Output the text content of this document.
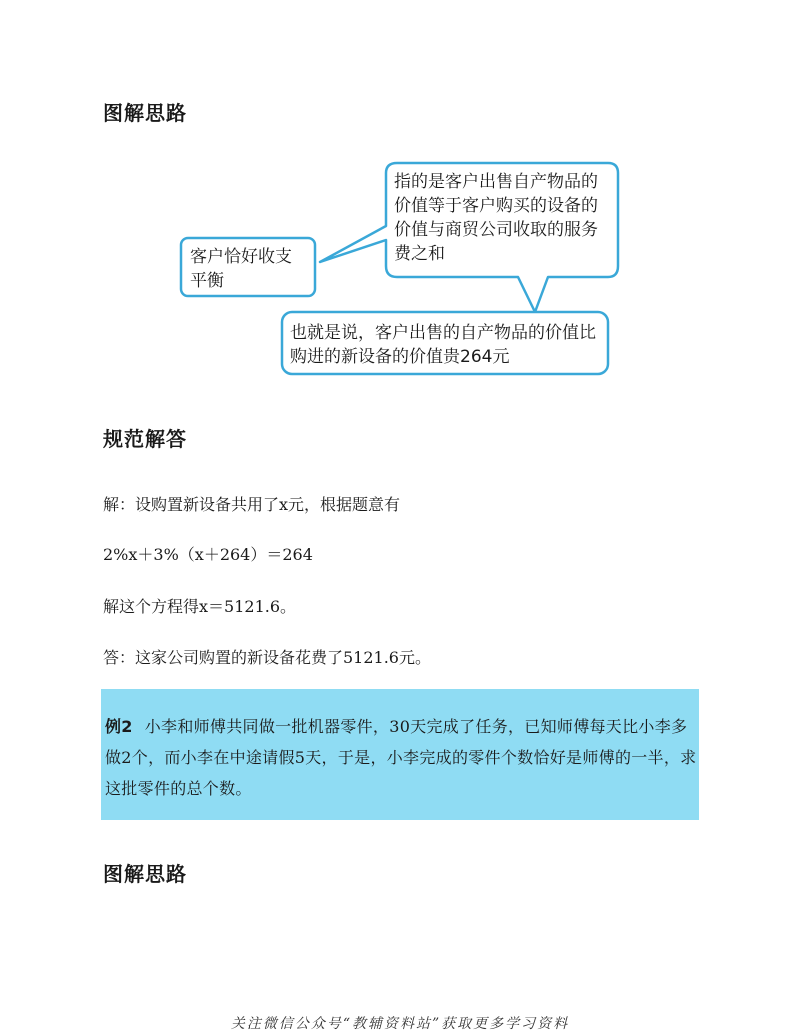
图解思路

指的是客户出售自产物品的价值等于客户购买的设备的价值与商贸公司收取的服务费之和

客户恰好收支平衡

也就是说，客户出售的自产物品的价值比购进的新设备的价值贵264元

规范解答

解：设购置新设备共用了x元，根据题意有

2%x＋3%（x＋264）＝264

解这个方程得x＝5121.6。

答：这家公司购置的新设备花费了5121.6元。

例2 小李和师傅共同做一批机器零件，30天完成了任务，已知师傅每天比小李多做2个，而小李在中途请假5天，于是，小李完成的零件个数恰好是师傅的一半，求这批零件的总个数。

图解思路

关注微信公众号“教辅资料站”获取更多学习资料
